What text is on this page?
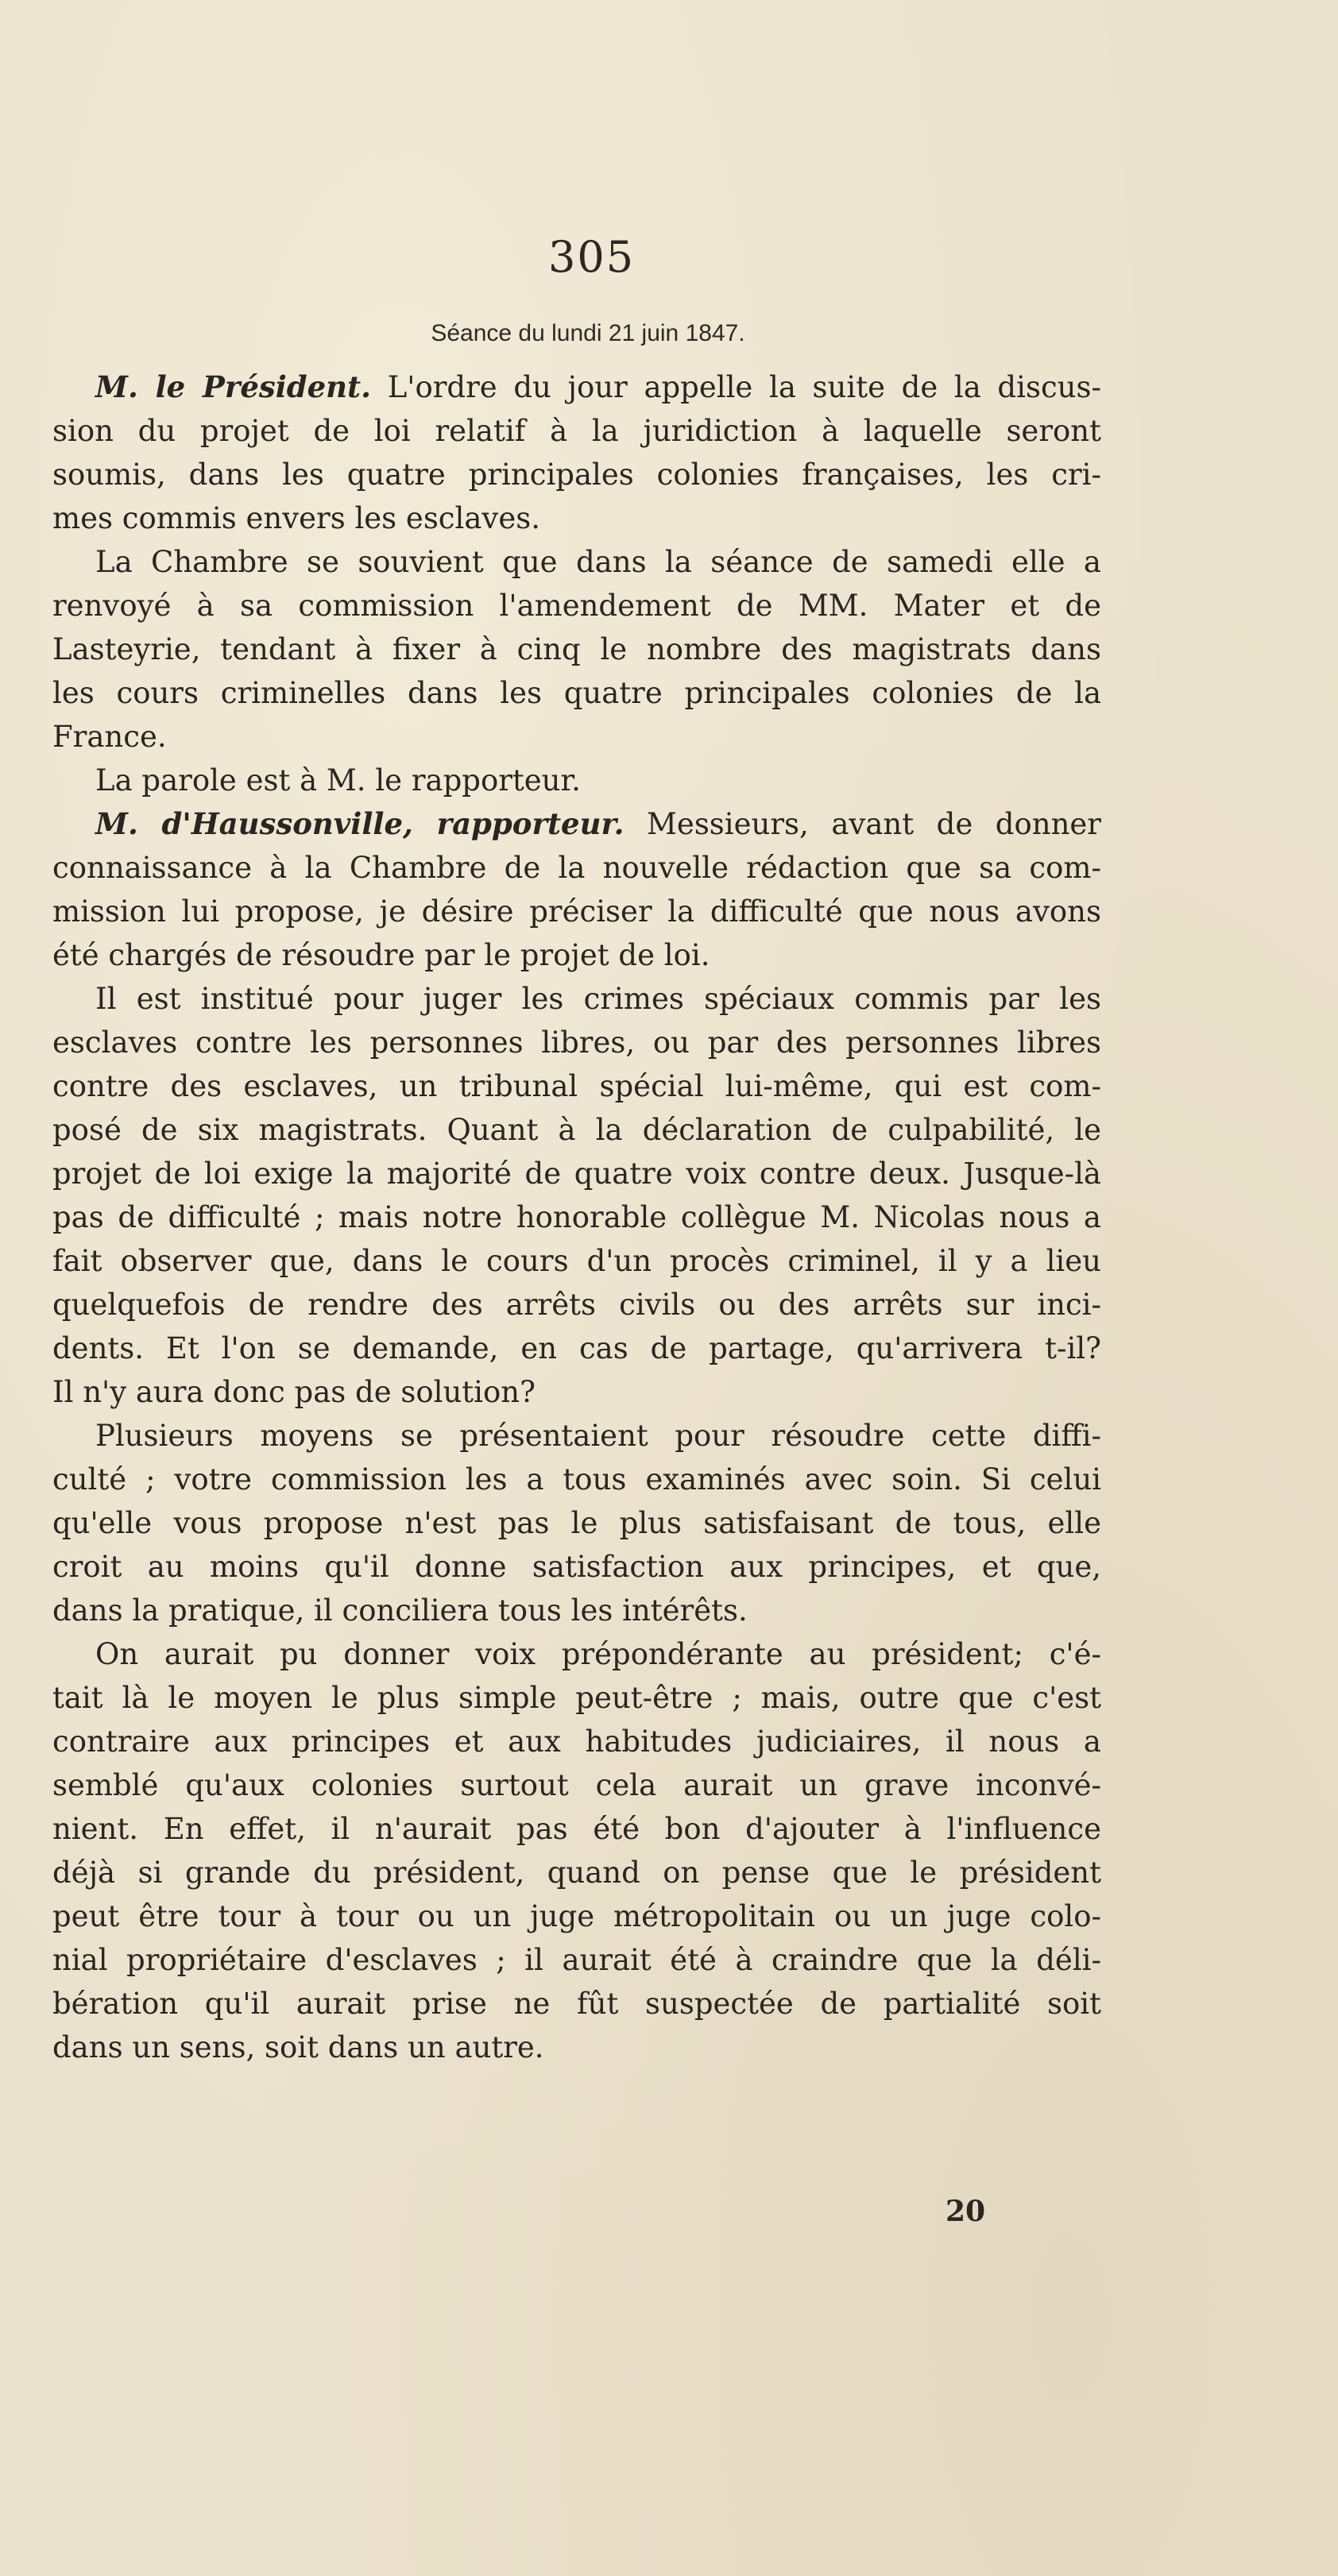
305
Séance du lundi 21 juin 1847.
M. le Président. L'ordre du jour appelle la suite de la discus-
sion du projet de loi relatif à la juridiction à laquelle seront
soumis, dans les quatre principales colonies françaises, les cri-
mes commis envers les esclaves.
La Chambre se souvient que dans la séance de samedi elle a
renvoyé à sa commission l'amendement de MM. Mater et de
Lasteyrie, tendant à fixer à cinq le nombre des magistrats dans
les cours criminelles dans les quatre principales colonies de la
France.
La parole est à M. le rapporteur.
M. d'Haussonville, rapporteur. Messieurs, avant de donner
connaissance à la Chambre de la nouvelle rédaction que sa com-
mission lui propose, je désire préciser la difficulté que nous avons
été chargés de résoudre par le projet de loi.
Il est institué pour juger les crimes spéciaux commis par les
esclaves contre les personnes libres, ou par des personnes libres
contre des esclaves, un tribunal spécial lui-même, qui est com-
posé de six magistrats. Quant à la déclaration de culpabilité, le
projet de loi exige la majorité de quatre voix contre deux. Jusque-là
pas de difficulté ; mais notre honorable collègue M. Nicolas nous a
fait observer que, dans le cours d'un procès criminel, il y a lieu
quelquefois de rendre des arrêts civils ou des arrêts sur inci-
dents. Et l'on se demande, en cas de partage, qu'arrivera t-il?
Il n'y aura donc pas de solution?
Plusieurs moyens se présentaient pour résoudre cette diffi-
culté ; votre commission les a tous examinés avec soin. Si celui
qu'elle vous propose n'est pas le plus satisfaisant de tous, elle
croit au moins qu'il donne satisfaction aux principes, et que,
dans la pratique, il conciliera tous les intérêts.
On aurait pu donner voix prépondérante au président; c'é-
tait là le moyen le plus simple peut-être ; mais, outre que c'est
contraire aux principes et aux habitudes judiciaires, il nous a
semblé qu'aux colonies surtout cela aurait un grave inconvé-
nient. En effet, il n'aurait pas été bon d'ajouter à l'influence
déjà si grande du président, quand on pense que le président
peut être tour à tour ou un juge métropolitain ou un juge colo-
nial propriétaire d'esclaves ; il aurait été à craindre que la déli-
bération qu'il aurait prise ne fût suspectée de partialité soit
dans un sens, soit dans un autre.
20
